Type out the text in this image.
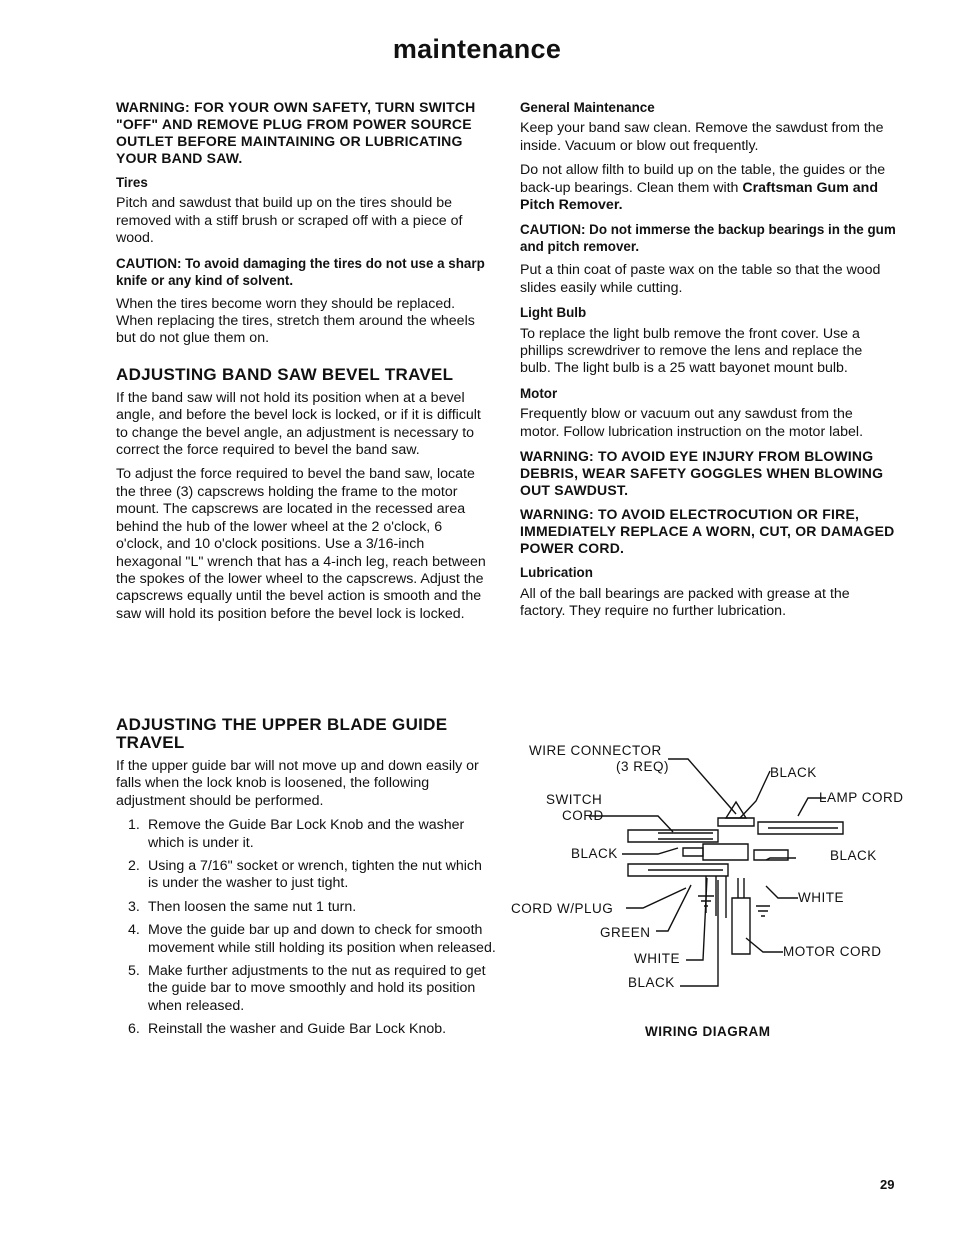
maintenance

WARNING: FOR YOUR OWN SAFETY, TURN SWITCH "OFF" AND REMOVE PLUG FROM POWER SOURCE OUTLET BEFORE MAINTAINING OR LUBRICATING YOUR BAND SAW.

Tires

Pitch and sawdust that build up on the tires should be removed with a stiff brush or scraped off with a piece of wood.

CAUTION: To avoid damaging the tires do not use a sharp knife or any kind of solvent.

When the tires become worn they should be replaced. When replacing the tires, stretch them around the wheels but do not glue them on.

ADJUSTING BAND SAW BEVEL TRAVEL

If the band saw will not hold its position when at a bevel angle, and before the bevel lock is locked, or if it is difficult to change the bevel angle, an adjustment is necessary to correct the force required to bevel the band saw.

To adjust the force required to bevel the band saw, locate the three (3) capscrews holding the frame to the motor mount. The capscrews are located in the recessed area behind the hub of the lower wheel at the 2 o'clock, 6 o'clock, and 10 o'clock positions. Use a 3/16-inch hexagonal "L" wrench that has a 4-inch leg, reach between the spokes of the lower wheel to the capscrews. Adjust the capscrews equally until the bevel action is smooth and the saw will hold its position before the bevel lock is locked.

General Maintenance

Keep your band saw clean. Remove the sawdust from the inside. Vacuum or blow out frequently.

Do not allow filth to build up on the table, the guides or the back-up bearings. Clean them with Craftsman Gum and Pitch Remover.

CAUTION: Do not immerse the backup bearings in the gum and pitch remover.

Put a thin coat of paste wax on the table so that the wood slides easily while cutting.

Light Bulb

To replace the light bulb remove the front cover. Use a phillips screwdriver to remove the lens and replace the bulb. The light bulb is a 25 watt bayonet mount bulb.

Motor

Frequently blow or vacuum out any sawdust from the motor. Follow lubrication instruction on the motor label.

WARNING: TO AVOID EYE INJURY FROM BLOWING DEBRIS, WEAR SAFETY GOGGLES WHEN BLOWING OUT SAWDUST.

WARNING: TO AVOID ELECTROCUTION OR FIRE, IMMEDIATELY REPLACE A WORN, CUT, OR DAMAGED POWER CORD.

Lubrication

All of the ball bearings are packed with grease at the factory. They require no further lubrication.

ADJUSTING THE UPPER BLADE GUIDE TRAVEL

If the upper guide bar will not move up and down easily or falls when the lock knob is loosened, the following adjustment should be performed.

1. Remove the Guide Bar Lock Knob and the washer which is under it.
2. Using a 7/16" socket or wrench, tighten the nut which is under the washer to just tight.
3. Then loosen the same nut 1 turn.
4. Move the guide bar up and down to check for smooth movement while still holding its position when released.
5. Make further adjustments to the nut as required to get the guide bar to move smoothly and hold its position when released.
6. Reinstall the washer and Guide Bar Lock Knob.
WIRE CONNECTOR
(3 REQ)	BLACK
LAMP CORD
SWITCH
CORD
BLACK	BLACK
WHITE
CORD W/PLUG
GREEN
MOTOR CORD
WHITE
BLACK
WIRING DIAGRAM
29
